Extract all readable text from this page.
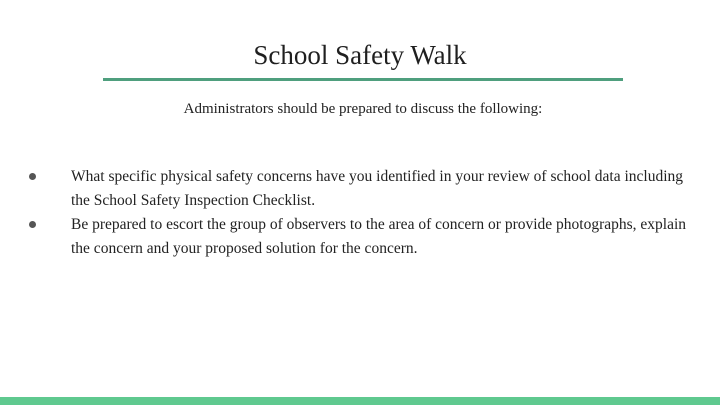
School Safety Walk
Administrators should be prepared to discuss the following:
What specific physical safety concerns have you identified in your review of school data including the School Safety Inspection Checklist.
Be prepared to escort the group of observers to the area of concern or provide photographs, explain the concern and your proposed solution for the concern.
